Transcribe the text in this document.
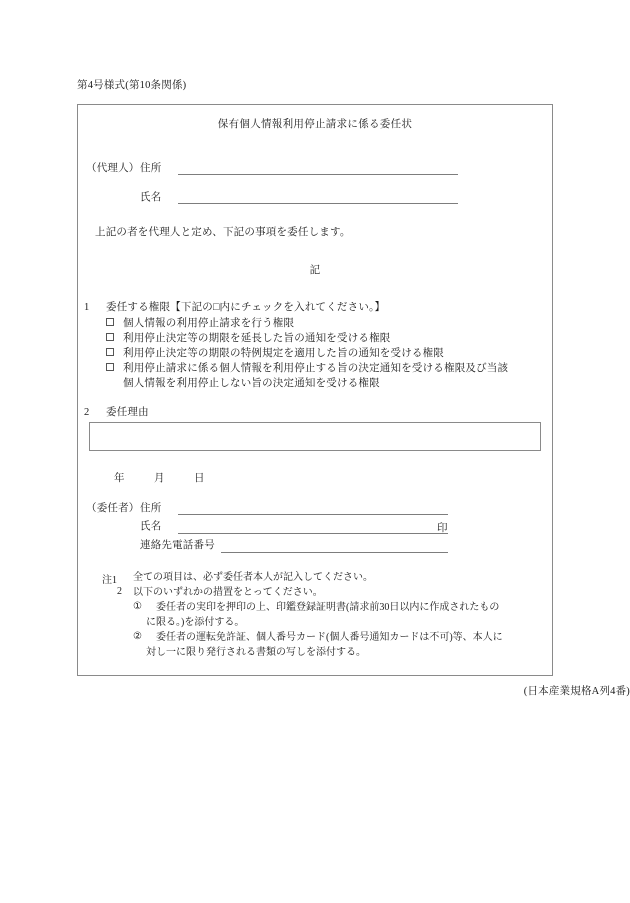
第4号様式(第10条関係)
保有個人情報利用停止請求に係る委任状
（代理人） 住所
氏名
上記の者を代理人と定め、下記の事項を委任します。
記
1 委任する権限【下記の□内にチェックを入れてください。】
個人情報の利用停止請求を行う権限
利用停止決定等の期限を延長した旨の通知を受ける権限
利用停止決定等の期限の特例規定を適用した旨の通知を受ける権限
利用停止請求に係る個人情報を利用停止する旨の決定通知を受ける権限及び当該
個人情報を利用停止しない旨の決定通知を受ける権限
2 委任理由
年	月	日
（委任者） 住所
氏名	印
連絡先電話番号
注1 全ての項目は、必ず委任者本人が記入してください。
2 以下のいずれかの措置をとってください。
① 委任者の実印を押印の上、印鑑登録証明書(請求前30日以内に作成されたもの
に限る。)を添付する。
② 委任者の運転免許証、個人番号カード(個人番号通知カードは不可)等、本人に
対し一に限り発行される書類の写しを添付する。
(日本産業規格A列4番)
